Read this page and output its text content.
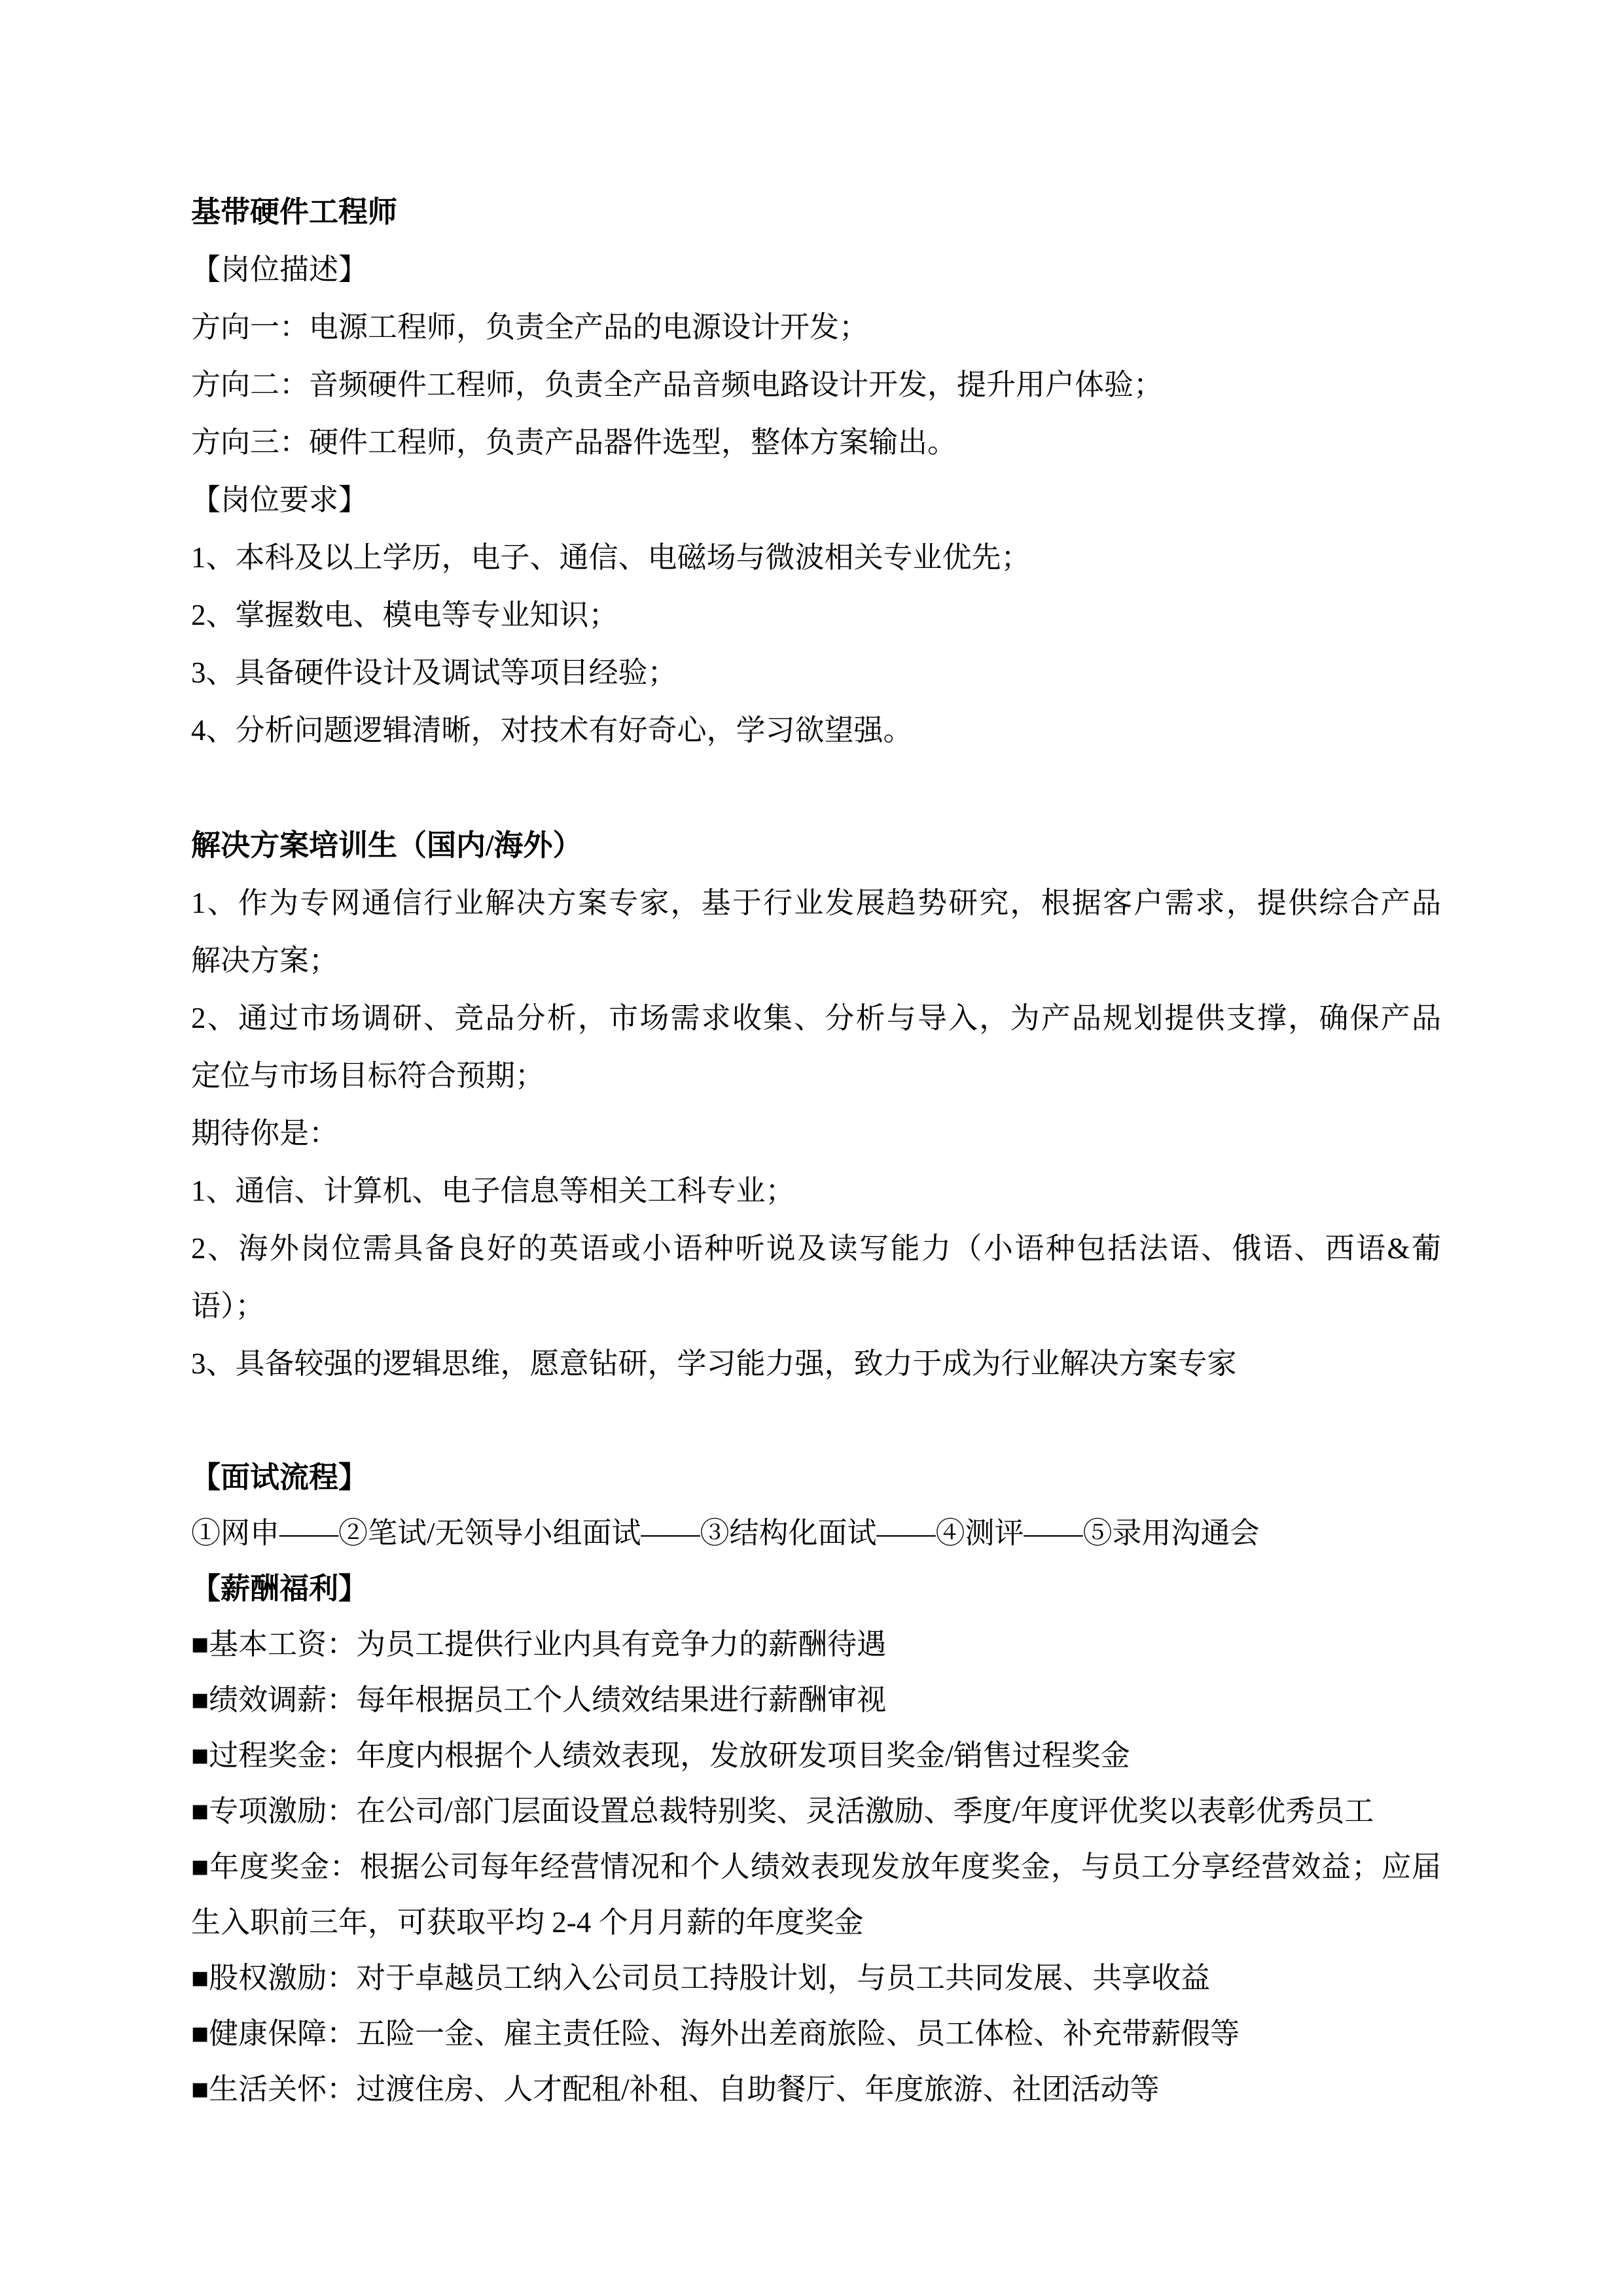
基带硬件工程师
【岗位描述】
方向一：电源工程师，负责全产品的电源设计开发；
方向二：音频硬件工程师，负责全产品音频电路设计开发，提升用户体验；
方向三：硬件工程师，负责产品器件选型，整体方案输出。
【岗位要求】
1、本科及以上学历，电子、通信、电磁场与微波相关专业优先；
2、掌握数电、模电等专业知识；
3、具备硬件设计及调试等项目经验；
4、分析问题逻辑清晰，对技术有好奇心，学习欲望强。
解决方案培训生（国内/海外）
1、作为专网通信行业解决方案专家，基于行业发展趋势研究，根据客户需求，提供综合产品
解决方案；
2、通过市场调研、竞品分析，市场需求收集、分析与导入，为产品规划提供支撑，确保产品
定位与市场目标符合预期；
期待你是：
1、通信、计算机、电子信息等相关工科专业；
2、海外岗位需具备良好的英语或小语种听说及读写能力（小语种包括法语、俄语、西语&葡
语）；
3、具备较强的逻辑思维，愿意钻研，学习能力强，致力于成为行业解决方案专家
【面试流程】
①网申——②笔试/无领导小组面试——③结构化面试——④测评——⑤录用沟通会
【薪酬福利】
■基本工资：为员工提供行业内具有竞争力的薪酬待遇
■绩效调薪：每年根据员工个人绩效结果进行薪酬审视
■过程奖金：年度内根据个人绩效表现，发放研发项目奖金/销售过程奖金
■专项激励：在公司/部门层面设置总裁特别奖、灵活激励、季度/年度评优奖以表彰优秀员工
■年度奖金：根据公司每年经营情况和个人绩效表现发放年度奖金，与员工分享经营效益；应届
生入职前三年，可获取平均 2-4 个月月薪的年度奖金
■股权激励：对于卓越员工纳入公司员工持股计划，与员工共同发展、共享收益
■健康保障：五险一金、雇主责任险、海外出差商旅险、员工体检、补充带薪假等
■生活关怀：过渡住房、人才配租/补租、自助餐厅、年度旅游、社团活动等
